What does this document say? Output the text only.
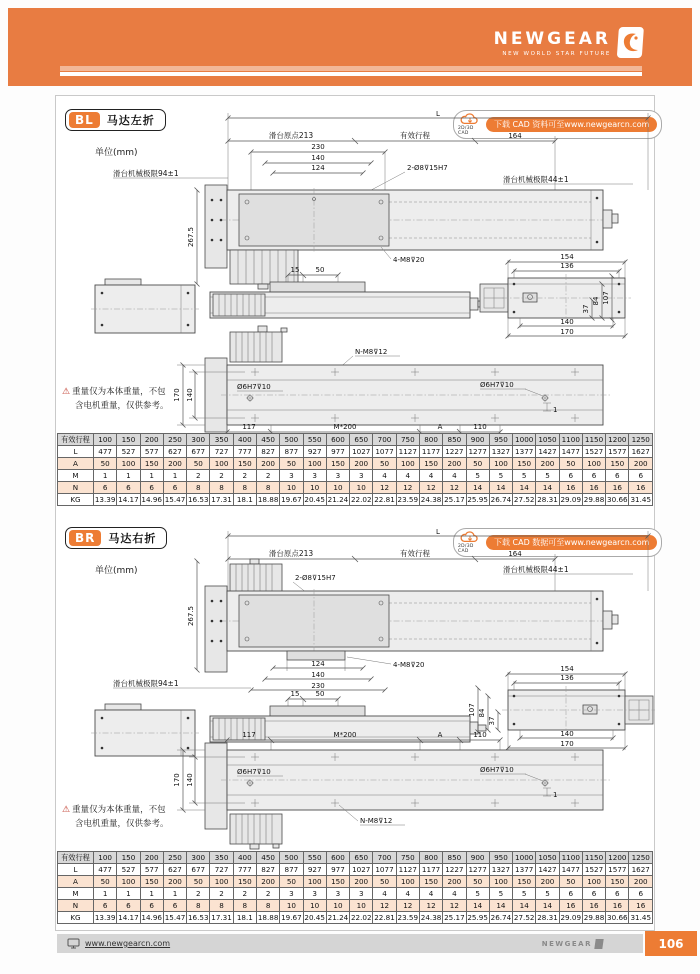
NEWGEAR
NEW WORLD STAR FUTURE
BL	马达左折
单位(mm)
2D/3D CAD
下载 CAD 资料可至www.newgearcn.com
L
滑台原点213	有效行程	164
230
140
124
滑台机械极限94±1
2-Ø8⊽15H7
滑台机械极限44±1
4-M8⊽20
267.5
15 50
154
136
140
170
37
84 107
N-M8⊽12
Ø6H7⊽10	Ø6H7⊽10
1
170 140
117	M*200	A	110
⚠ 重量仅为本体重量，不包
含电机重量，仅供参考。
有效行程	100	150	200	250	300	350	400	450	500	550	600	650	700	750	800	850	900	950	1000	1050	1100	1150	1200	1250
L	477	527	577	627	677	727	777	827	877	927	977	1027	1077	1127	1177	1227	1277	1327	1377	1427	1477	1527	1577	1627
A	50	100	150	200	50	100	150	200	50	100	150	200	50	100	150	200	50	100	150	200	50	100	150	200
M	1	1	1	1	2	2	2	2	3	3	3	3	4	4	4	4	5	5	5	5	6	6	6	6
N	6	6	6	6	8	8	8	8	10	10	10	10	12	12	12	12	14	14	14	14	16	16	16	16
KG	13.39	14.17	14.96	15.47	16.53	17.31	18.1	18.88	19.67	20.45	21.24	22.02	22.81	23.59	24.38	25.17	25.95	26.74	27.52	28.31	29.09	29.88	30.66	31.45
BR	马达右折
单位(mm)
2D/3D CAD
下载 CAD 数据可至www.newgearcn.com
L
滑台原点213	有效行程	164
2-Ø8⊽15H7
滑台机械极限44±1
124
140
230
4-M8⊽20
滑台机械极限94±1
267.5
15 50
154
136
37
84
107
140
170
117	M*200	A	110
Ø6H7⊽10	Ø6H7⊽10
1
170 140
N-M8⊽12
⚠ 重量仅为本体重量，不包
含电机重量，仅供参考。
有效行程	100	150	200	250	300	350	400	450	500	550	600	650	700	750	800	850	900	950	1000	1050	1100	1150	1200	1250
L	477	527	577	627	677	727	777	827	877	927	977	1027	1077	1127	1177	1227	1277	1327	1377	1427	1477	1527	1577	1627
A	50	100	150	200	50	100	150	200	50	100	150	200	50	100	150	200	50	100	150	200	50	100	150	200
M	1	1	1	1	2	2	2	2	3	3	3	3	4	4	4	4	5	5	5	5	6	6	6	6
N	6	6	6	6	8	8	8	8	10	10	10	10	12	12	12	12	14	14	14	14	16	16	16	16
KG	13.39	14.17	14.96	15.47	16.53	17.31	18.1	18.88	19.67	20.45	21.24	22.02	22.81	23.59	24.38	25.17	25.95	26.74	27.52	28.31	29.09	29.88	30.66	31.45
www.newgearcn.com	NEWGEAR	106
